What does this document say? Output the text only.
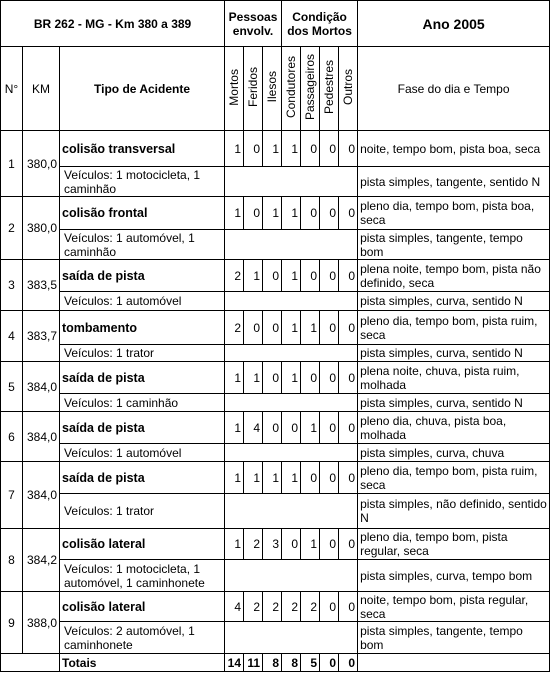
BR 262 - MG - Km 380 a 389			Pessoas envolv.			Condição dos Mortos				Ano 2005
N°	KM	Tipo de Acidente	Mortos	Feridos	Ilesos	Condutores	Passageiros	Pedestres	Outros	Fase do dia e Tempo
1	380,0	colisão transversal	1	0	1	1	0	0	0	noite, tempo bom, pista boa, seca
		Veículos: 1 motocicleta, 1 caminhão								pista simples, tangente, sentido N
2	380,0	colisão frontal	1	0	1	1	0	0	0	pleno dia, tempo bom, pista boa, seca
		Veículos: 1 automóvel, 1 caminhão								pista simples, tangente, tempo bom
3	383,5	saída de pista	2	1	0	1	0	0	0	plena noite, tempo bom, pista não definido, seca
		Veículos: 1 automóvel								pista simples, curva, sentido N
4	383,7	tombamento	2	0	0	1	1	0	0	pleno dia, tempo bom, pista ruim, seca
		Veículos: 1 trator								pista simples, curva, sentido N
5	384,0	saída de pista	1	1	0	1	0	0	0	plena noite, chuva, pista ruim, molhada
		Veículos: 1 caminhão								pista simples, curva, sentido N
6	384,0	saída de pista	1	4	0	0	1	0	0	pleno dia, chuva, pista boa, molhada
		Veículos: 1 automóvel								pista simples, curva, chuva
7	384,0	saída de pista	1	1	1	1	0	0	0	pleno dia, tempo bom, pista ruim, seca
		Veículos: 1 trator								pista simples, não definido, sentido N
8	384,2	colisão lateral	1	2	3	0	1	0	0	pleno dia, tempo bom, pista regular, seca
		Veículos: 1 motocicleta, 1 automóvel, 1 caminhonete								pista simples, curva, tempo bom
9	388,0	colisão lateral	4	2	2	2	2	0	0	noite, tempo bom, pista regular, seca
		Veículos: 2 automóvel, 1 caminhonete								pista simples, tangente, tempo bom
		Totais	14	11	8	8	5	0	0	
